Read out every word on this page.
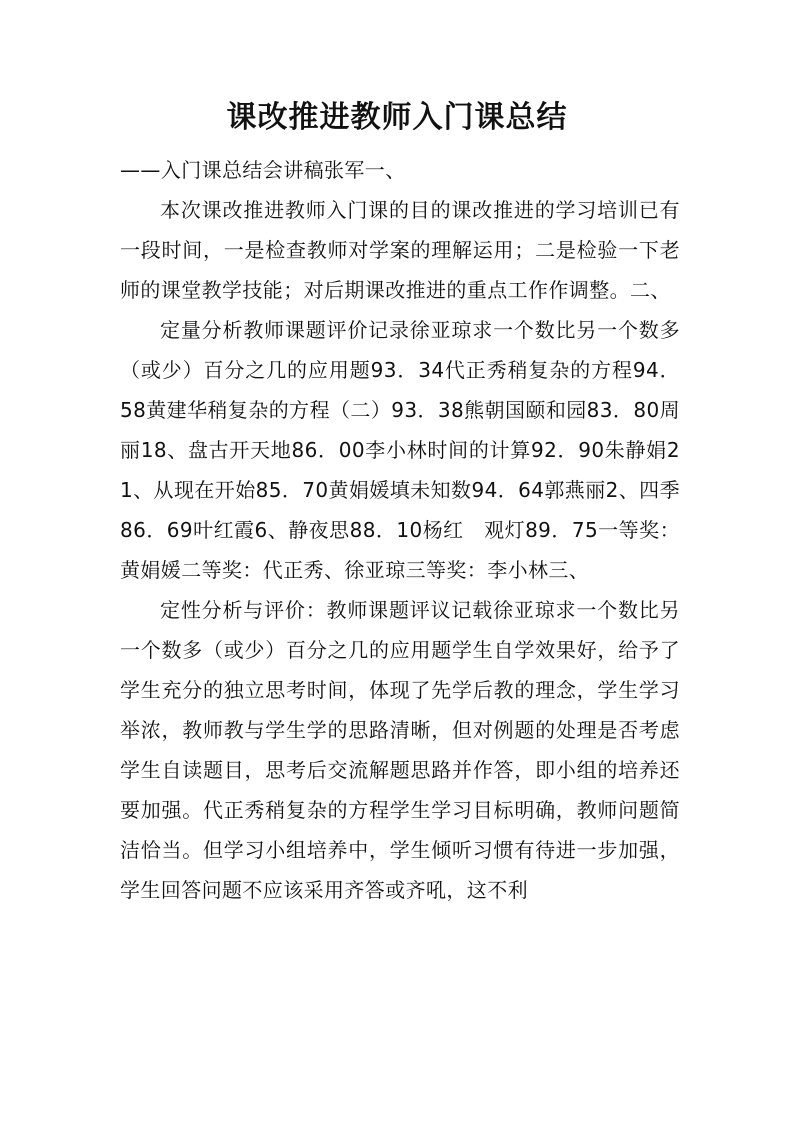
课改推进教师入门课总结

——入门课总结会讲稿张军一、

本次课改推进教师入门课的目的课改推进的学习培训已有一段时间，一是检查教师对学案的理解运用；二是检验一下老师的课堂教学技能；对后期课改推进的重点工作作调整。二、

定量分析教师课题评价记录徐亚琼求一个数比另一个数多（或少）百分之几的应用题93．34代正秀稍复杂的方程94．58黄建华稍复杂的方程（二）93．38熊朝国颐和园83．80周丽18、盘古开天地86．00李小林时间的计算92．90朱静娟21、从现在开始85．70黄娟媛填未知数94．64郭燕丽2、四季86．69叶红霞6、静夜思88．10杨红　观灯89．75一等奖：黄娟媛二等奖：代正秀、徐亚琼三等奖：李小林三、

定性分析与评价：教师课题评议记载徐亚琼求一个数比另一个数多（或少）百分之几的应用题学生自学效果好，给予了学生充分的独立思考时间，体现了先学后教的理念，学生学习举浓，教师教与学生学的思路清晰，但对例题的处理是否考虑学生自读题目，思考后交流解题思路并作答，即小组的培养还要加强。代正秀稍复杂的方程学生学习目标明确，教师问题简洁恰当。但学习小组培养中，学生倾听习惯有待进一步加强，学生回答问题不应该采用齐答或齐吼，这不利
